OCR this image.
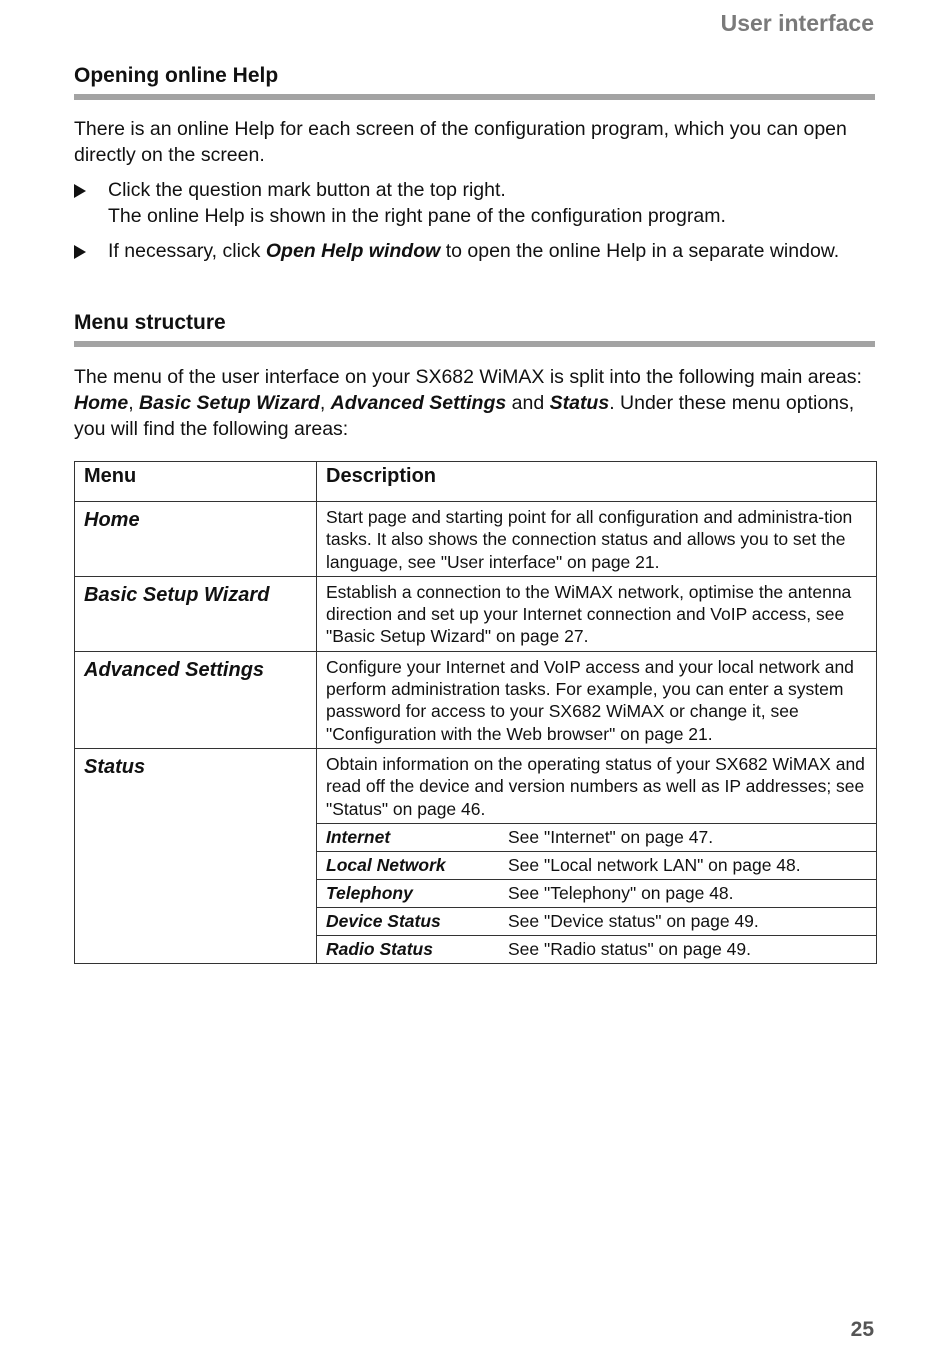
User interface
Opening online Help
There is an online Help for each screen of the configuration program, which you can open directly on the screen.
Click the question mark button at the top right.
The online Help is shown in the right pane of the configuration program.
If necessary, click Open Help window to open the online Help in a separate window.
Menu structure
The menu of the user interface on your SX682 WiMAX is split into the following main areas: Home, Basic Setup Wizard, Advanced Settings and Status. Under these menu options, you will find the following areas:
Menu	Description

Home	Start page and starting point for all configuration and administra-tion tasks. It also shows the connection status and allows you to set the language, see "User interface" on page 21.

Basic Setup Wizard	Establish a connection to the WiMAX network, optimise the antenna direction and set up your Internet connection and VoIP access, see "Basic Setup Wizard" on page 27.

Advanced Settings	Configure your Internet and VoIP access and your local network and perform administration tasks. For example, you can enter a system password for access to your SX682 WiMAX or change it, see "Configuration with the Web browser" on page 21.

Status	Obtain information on the operating status of your SX682 WiMAX and read off the device and version numbers as well as IP addresses; see "Status" on page 46.
Internet	See "Internet" on page 47.
Local Network	See "Local network LAN" on page 48.
Telephony	See "Telephony" on page 48.
Device Status	See "Device status" on page 49.
Radio Status	See "Radio status" on page 49.
25
